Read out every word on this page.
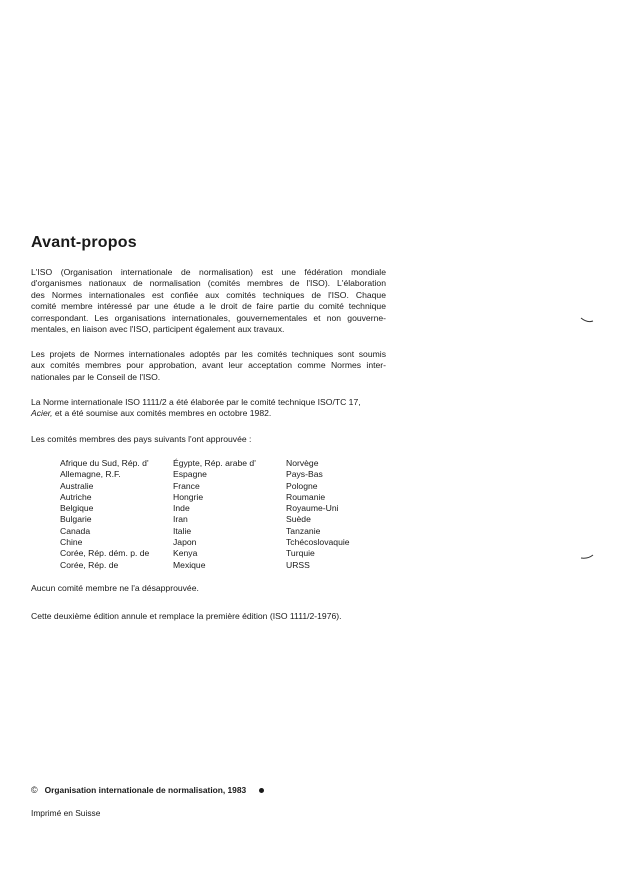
Avant-propos
L'ISO (Organisation internationale de normalisation) est une fédération mondiale
d'organismes nationaux de normalisation (comités membres de l'ISO). L'élaboration
des Normes internationales est confiée aux comités techniques de l'ISO. Chaque
comité membre intéressé par une étude a le droit de faire partie du comité technique
correspondant. Les organisations internationales, gouvernementales et non gouverne-
mentales, en liaison avec l'ISO, participent également aux travaux.
Les projets de Normes internationales adoptés par les comités techniques sont soumis
aux comités membres pour approbation, avant leur acceptation comme Normes inter-
nationales par le Conseil de l'ISO.
La Norme internationale ISO 1111/2 a été élaborée par le comité technique ISO/TC 17,
Acier, et a été soumise aux comités membres en octobre 1982.
Les comités membres des pays suivants l'ont approuvée :
Afrique du Sud, Rép. d'
Allemagne, R.F.
Australie
Autriche
Belgique
Bulgarie
Canada
Chine
Corée, Rép. dém. p. de
Corée, Rép. de
Égypte, Rép. arabe d'
Espagne
France
Hongrie
Inde
Iran
Italie
Japon
Kenya
Mexique
Norvège
Pays-Bas
Pologne
Roumanie
Royaume-Uni
Suède
Tanzanie
Tchécoslovaquie
Turquie
URSS
Aucun comité membre ne l'a désapprouvée.
Cette deuxième édition annule et remplace la première édition (ISO 1111/2-1976).
© Organisation internationale de normalisation, 1983
Imprimé en Suisse
